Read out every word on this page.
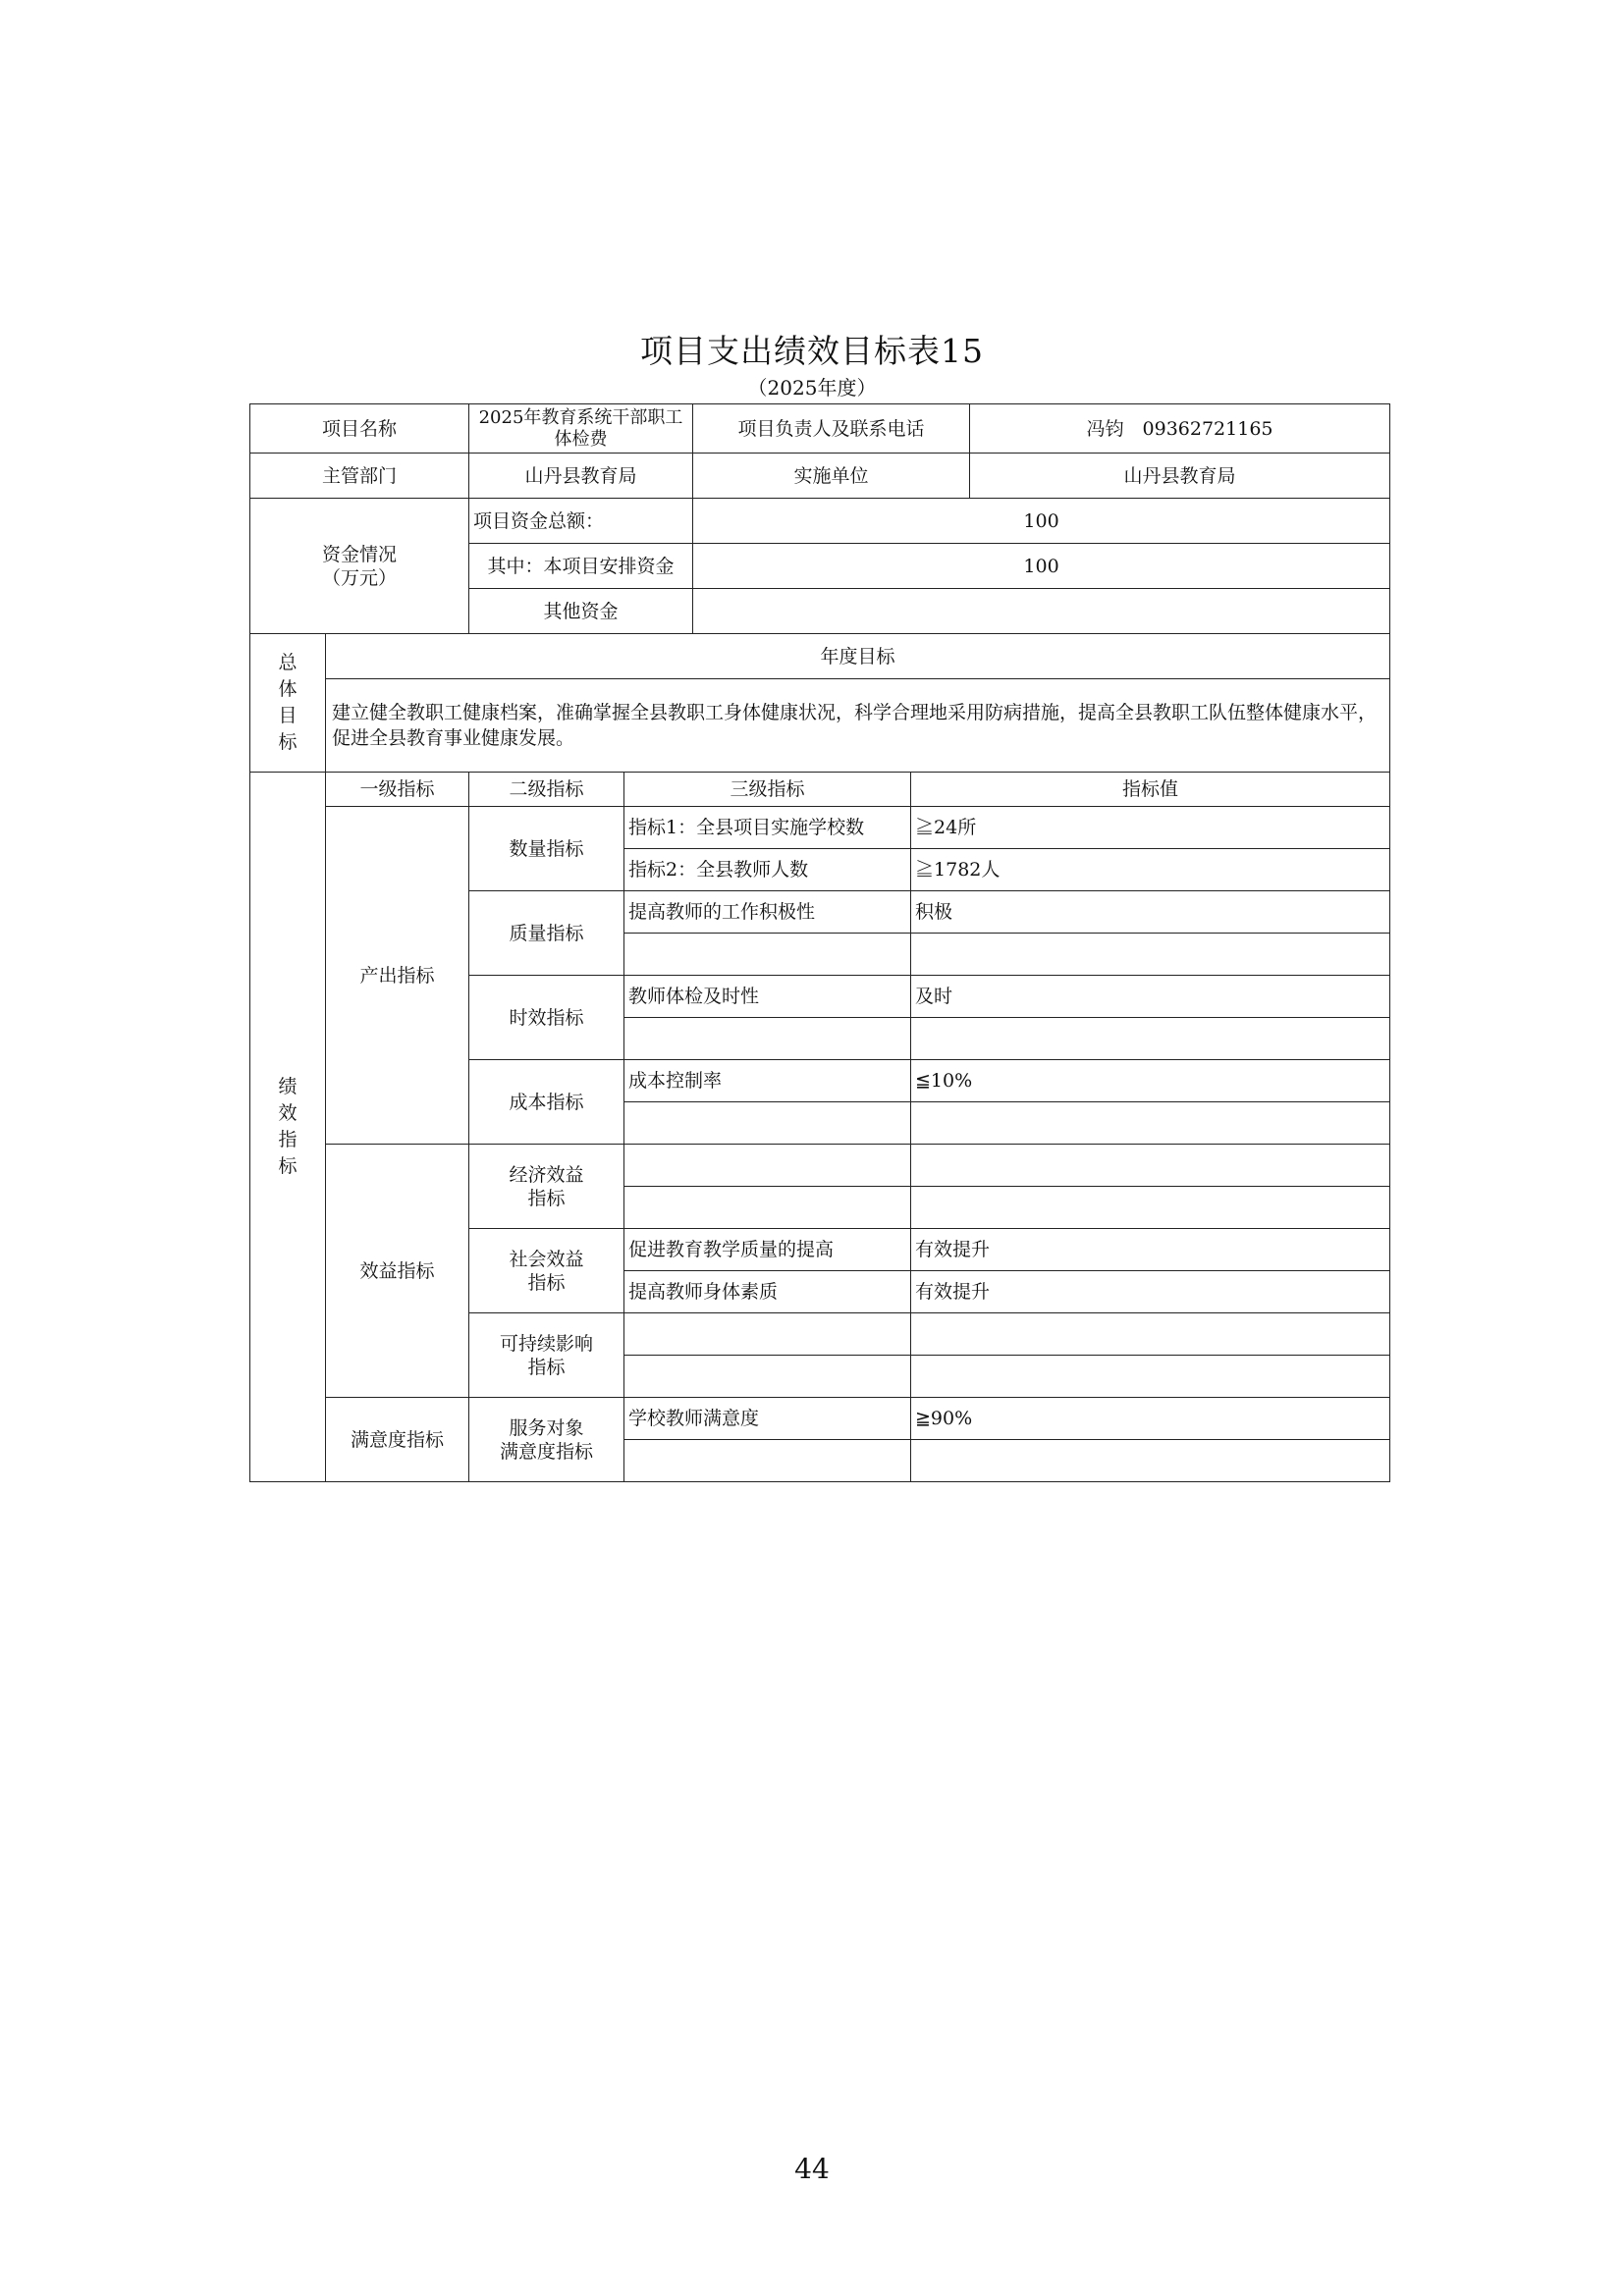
项目支出绩效目标表15
（2025年度）
项目名称		2025年教育系统干部职工体检费		项目负责人及联系电话		冯钧　09362721165
主管部门		山丹县教育局		实施单位		山丹县教育局

资金情况
（万元）		项目资金总额：		100		
		其中：本项目安排资金		100		
		其他资金				

总体目标	年度目标					
	建立健全教职工健康档案，准确掌握全县教职工身体健康状况，科学合理地采用防病措施，提高全县教职工队伍整体健康水平，促进全县教育事业健康发展。					

绩效指标	一级指标	二级指标	三级指标		指标值	
	产出指标	数量指标	指标1：全县项目实施学校数		≧24所	
			指标2：全县教师人数		≧1782人	
		质量指标	提高教师的工作积极性		积极	

		时效指标	教师体检及时性		及时	

		成本指标	成本控制率		≦10%	

	效益指标	经济效益
指标				

		社会效益
指标	促进教育教学质量的提高		有效提升	
			提高教师身体素质		有效提升	

		可持续影响
指标				

	满意度指标	服务对象
满意度指标	学校教师满意度		≧90%	

44
